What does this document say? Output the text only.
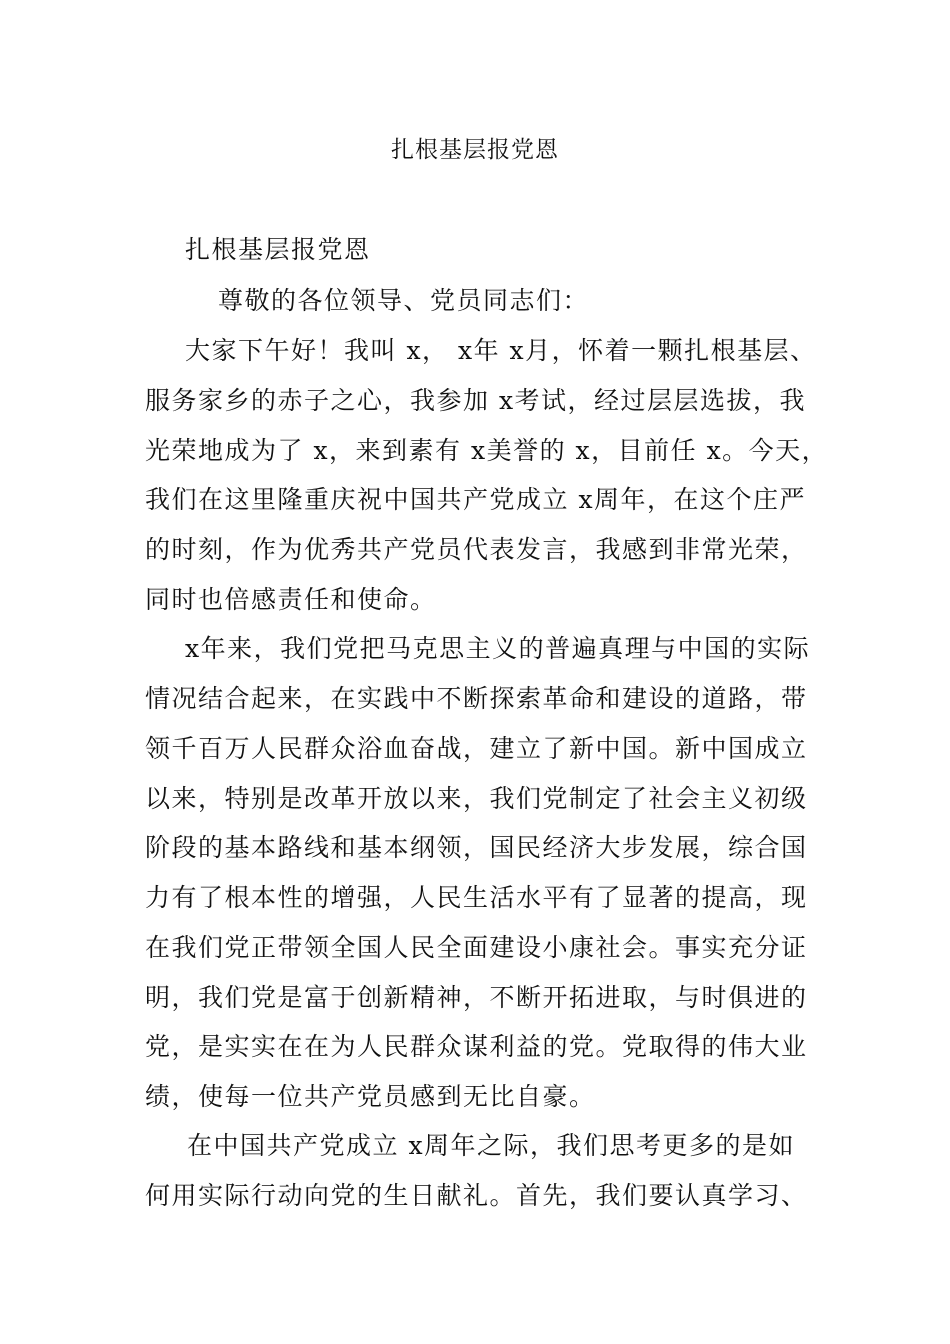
扎根基层报党恩
扎根基层报党恩
尊敬的各位领导、党员同志们：
大家下午好！我叫 x， x年 x月，怀着一颗扎根基层、
服务家乡的赤子之心，我参加 x考试，经过层层选拔，我
光荣地成为了 x，来到素有 x美誉的 x，目前任 x。今天，
我们在这里隆重庆祝中国共产党成立 x周年，在这个庄严
的时刻，作为优秀共产党员代表发言，我感到非常光荣，
同时也倍感责任和使命。
x年来，我们党把马克思主义的普遍真理与中国的实际
情况结合起来，在实践中不断探索革命和建设的道路，带
领千百万人民群众浴血奋战，建立了新中国。新中国成立
以来，特别是改革开放以来，我们党制定了社会主义初级
阶段的基本路线和基本纲领，国民经济大步发展，综合国
力有了根本性的增强，人民生活水平有了显著的提高，现
在我们党正带领全国人民全面建设小康社会。事实充分证
明，我们党是富于创新精神，不断开拓进取，与时俱进的
党，是实实在在为人民群众谋利益的党。党取得的伟大业
绩，使每一位共产党员感到无比自豪。
在中国共产党成立 x周年之际，我们思考更多的是如
何用实际行动向党的生日献礼。首先，我们要认真学习、
